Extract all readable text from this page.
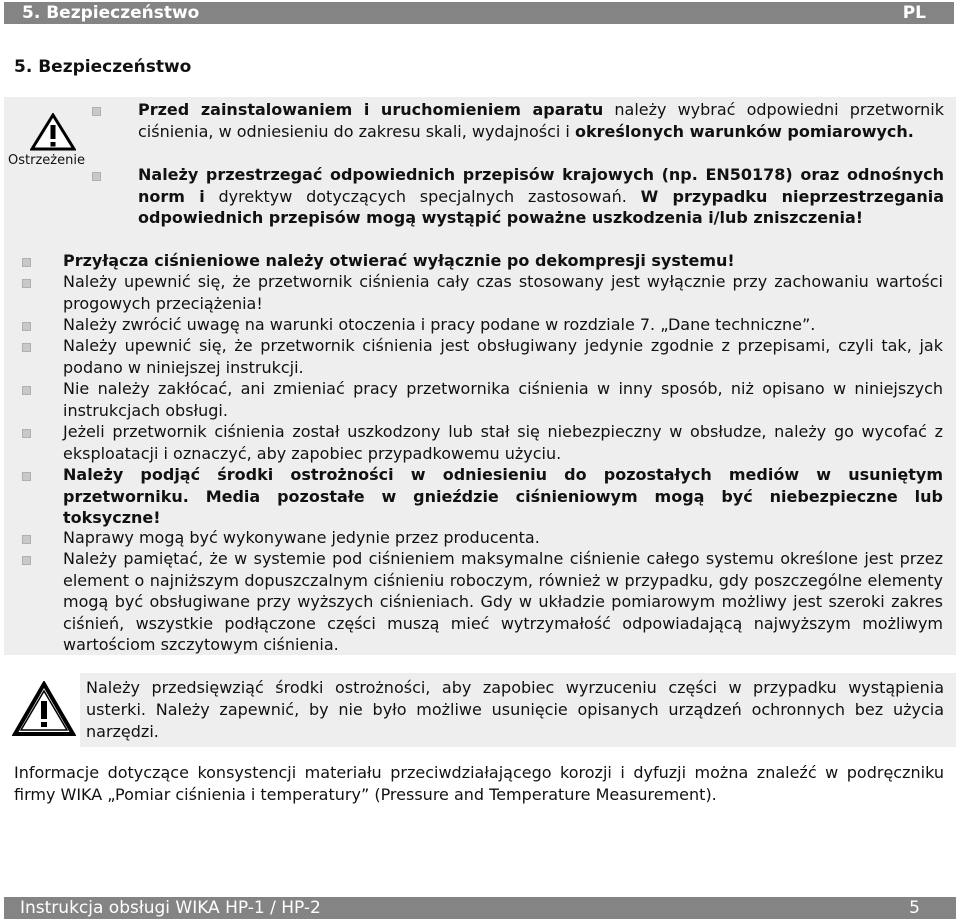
5. Bezpieczeństwo	PL
5. Bezpieczeństwo
Ostrzeżenie
Przed zainstalowaniem i uruchomieniem aparatu należy wybrać odpowiedni przetwornik ciśnienia, w odniesieniu do zakresu skali, wydajności i określonych warunków pomiarowych.
Należy przestrzegać odpowiednich przepisów krajowych (np. EN50178) oraz odnośnych norm i dyrektyw dotyczących specjalnych zastosowań. W przypadku nieprzestrzegania odpowiednich przepisów mogą wystąpić poważne uszkodzenia i/lub zniszczenia!
Przyłącza ciśnieniowe należy otwierać wyłącznie po dekompresji systemu!
Należy upewnić się, że przetwornik ciśnienia cały czas stosowany jest wyłącznie przy zachowaniu wartości progowych przeciążenia!
Należy zwrócić uwagę na warunki otoczenia i pracy podane w rozdziale 7. „Dane techniczne”.
Należy upewnić się, że przetwornik ciśnienia jest obsługiwany jedynie zgodnie z przepisami, czyli tak, jak podano w niniejszej instrukcji.
Nie należy zakłócać, ani zmieniać pracy przetwornika ciśnienia w inny sposób, niż opisano w niniejszych instrukcjach obsługi.
Jeżeli przetwornik ciśnienia został uszkodzony lub stał się niebezpieczny w obsłudze, należy go wycofać z eksploatacji i oznaczyć, aby zapobiec przypadkowemu użyciu.
Należy podjąć środki ostrożności w odniesieniu do pozostałych mediów w usuniętym przetworniku. Media pozostałe w gnieździe ciśnieniowym mogą być niebezpieczne lub toksyczne!
Naprawy mogą być wykonywane jedynie przez producenta.
Należy pamiętać, że w systemie pod ciśnieniem maksymalne ciśnienie całego systemu określone jest przez element o najniższym dopuszczalnym ciśnieniu roboczym, również w przypadku, gdy poszczególne elementy mogą być obsługiwane przy wyższych ciśnieniach. Gdy w układzie pomiarowym możliwy jest szeroki zakres ciśnień, wszystkie podłączone części muszą mieć wytrzymałość odpowiadającą najwyższym możliwym wartościom szczytowym ciśnienia.
Należy przedsięwziąć środki ostrożności, aby zapobiec wyrzuceniu części w przypadku wystąpienia usterki. Należy zapewnić, by nie było możliwe usunięcie opisanych urządzeń ochronnych bez użycia narzędzi.
Informacje dotyczące konsystencji materiału przeciwdziałającego korozji i dyfuzji można znaleźć w podręczniku firmy WIKA „Pomiar ciśnienia i temperatury” (Pressure and Temperature Measurement).
Instrukcja obsługi WIKA HP-1 / HP-2	5
